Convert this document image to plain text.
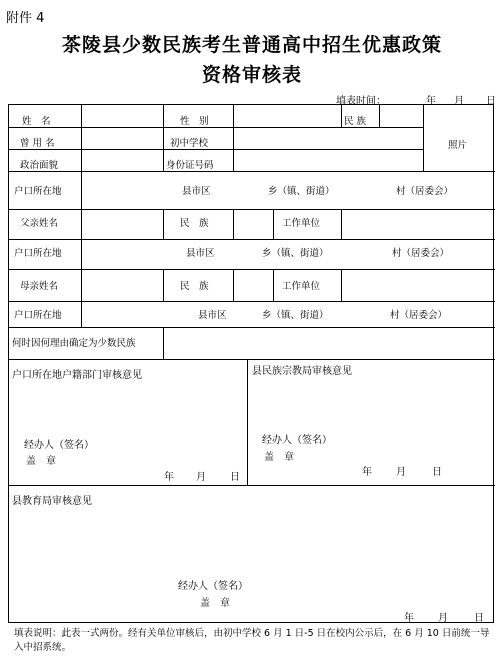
附件 4
茶陵县少数民族考生普通高中招生优惠政策
资格审核表
填表时间：	年 月 日
姓　名	性　别	民 族
曾 用 名	初中学校	照片
政治面貌	身份证号码
户口所在地	县市区	乡（镇、街道）	村（居委会）
父亲姓名	民　族	工作单位
户口所在地	县市区	乡（镇、街道）	村（居委会）
母亲姓名	民　族	工作单位
户口所在地	县市区	乡（镇、街道）	村（居委会）
何时因何理由确定为少数民族
户口所在地户籍部门审核意见
经办人（签名）
盖　章
年 月 日
县民族宗教局审核意见
经办人（签名）
盖　章
年 月	日
县教育局审核意见
经办人（签名）
盖　章
年 月	日
填表说明：此表一式两份。经有关单位审核后，由初中学校 6 月 1 日-5 日在校内公示后，在 6 月 10 日前统一导入中招系统。
